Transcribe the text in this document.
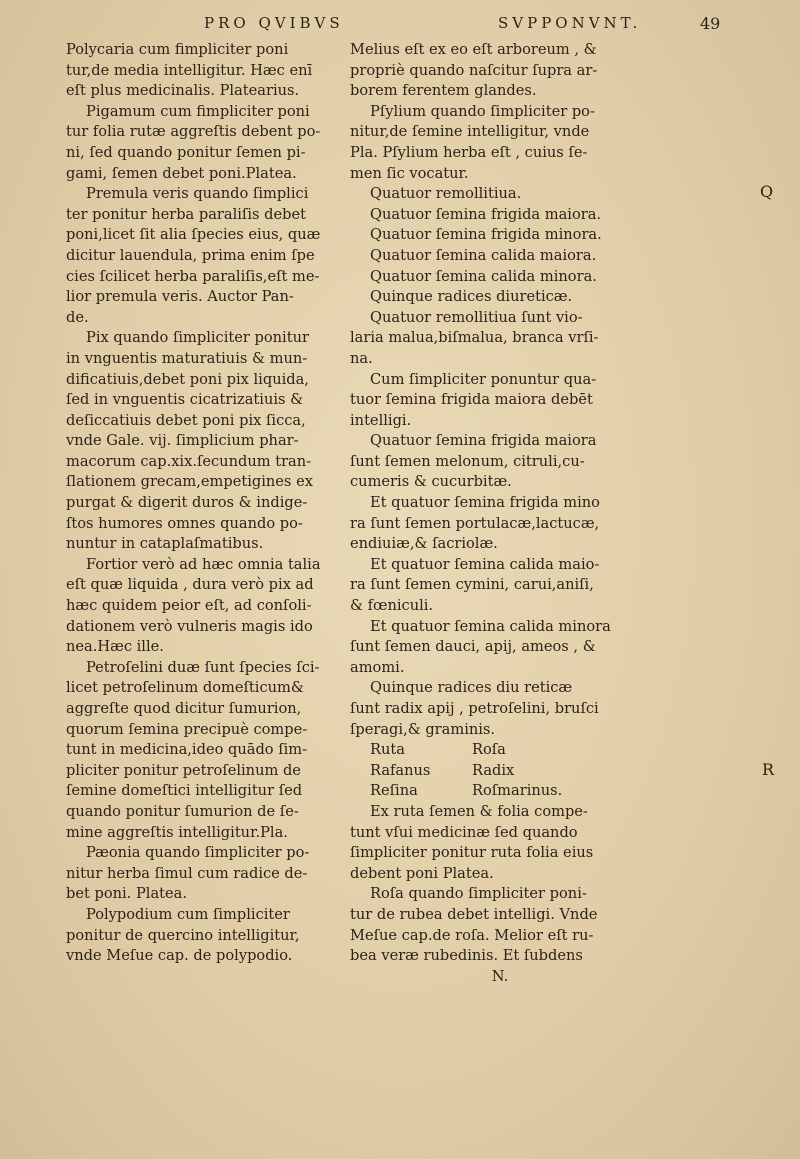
PRO QVIBVS	SVPPONVNT.	49

Polycaria cum fimpliciter poni

tur,de media intelligitur. Hæc enī

eſt plus medicinalis. Platearius.

Pigamum cum fimpliciter poni

tur folia rutæ aggreſtis debent po-

ni, ſed quando ponitur ſemen pi-

gami, ſemen debet poni.Platea.

Premula veris quando ſimplici

ter ponitur herba paraliſis debet

poni,licet ſit alia ſpecies eius, quæ

dicitur lauendula, prima enim ſpe

cies ſcilicet herba paraliſis,eſt me-

lior premula veris. Auctor Pan-

de.

Pix quando ſimpliciter ponitur

in vnguentis maturatiuis & mun-

dificatiuis,debet poni pix liquida,

ſed in vnguentis cicatrizatiuis &

deſiccatiuis debet poni pix ſicca,

vnde Gale. vij. ſimplicium phar-

macorum cap.xix.ſecundum tran-

ſlationem grecam,empetigines ex

purgat & digerit duros & indige-

ſtos humores omnes quando po-

nuntur in cataplaſmatibus.

Fortior verò ad hæc omnia talia

eſt quæ liquida , dura verò pix ad

hæc quidem peior eſt, ad conſoli-

dationem verò vulneris magis ido

nea.Hæc ille.

Petroſelini duæ ſunt ſpecies ſci-

licet petroſelinum domeſticum&

aggreſte quod dicitur ſumurion,

quorum ſemina precipuè compe-

tunt in medicina,ideo quādo ſim-

pliciter ponitur petroſelinum de

ſemine domeſtici intelligitur ſed

quando ponitur ſumurion de ſe-

mine aggreſtis intelligitur.Pla.

Pæonia quando ſimpliciter po-

nitur herba ſimul cum radice de-

bet poni. Platea.

Polypodium cum ſimpliciter

ponitur de quercino intelligitur,

vnde Meſue cap. de polypodio.

Melius eſt ex eo eſt arboreum , &

propriè quando naſcitur ſupra ar-

borem ferentem glandes.

Pſylium quando ſimpliciter po-

nitur,de ſemine intelligitur, vnde

Pla. Pſylium herba eſt , cuius ſe-

men ſic vocatur.

Quatuor remollitiua.

Quatuor ſemina frigida maiora.

Quatuor ſemina frigida minora.

Quatuor ſemina calida maiora.

Quatuor ſemina calida minora.

Quinque radices diureticæ.

Quatuor remollitiua ſunt vio-

laria malua,biſmalua, branca vrſi-

na.

Cum ſimpliciter ponuntur qua-

tuor ſemina frigida maiora debēt

intelligi.

Quatuor ſemina frigida maiora

ſunt ſemen melonum, citruli,cu-

cumeris & cucurbitæ.

Et quatuor ſemina frigida mino

ra ſunt ſemen portulacæ,lactucæ,

endiuiæ,& ſacriolæ.

Et quatuor ſemina calida maio-

ra ſunt ſemen cymini, carui,aniſi,

& fœniculi.

Et quatuor ſemina calida minora

ſunt ſemen dauci, apij, ameos , &

amomi.

Quinque radices diu reticæ

ſunt radix apij , petroſelini, bruſci

ſperagi,& graminis.

Ruta	Roſa
Rafanus	Radix
Reſina	Roſmarinus.

Ex ruta ſemen & folia compe-

tunt vſui medicinæ ſed quando

ſimpliciter ponitur ruta folia eius

debent poni Platea.

Roſa quando ſimpliciter poni-

tur de rubea debet intelligi. Vnde

Meſue cap.de roſa. Melior eſt ru-

bea veræ rubedinis. Et ſubdens

N.

Q
R
